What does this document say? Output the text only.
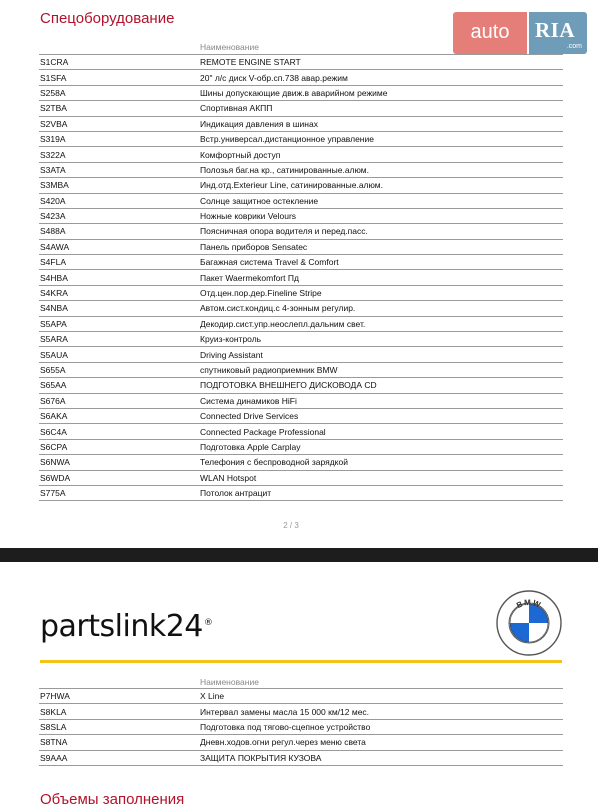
Спецоборудование
Наименование
S1CRA	REMOTE ENGINE START
S1SFA	20" л/с диск V-обр.сп.738 авар.режим
S258A	Шины допускающие движ.в аварийном режиме
S2TBA	Спортивная АКПП
S2VBA	Индикация давления в шинах
S319A	Встр.универсал.дистанционное управление
S322A	Комфортный доступ
S3ATA	Полозья баг.на кр., сатинированные.алюм.
S3MBA	Инд.отд.Exterieur Line, сатинированные.алюм.
S420A	Солнце защитное остекление
S423A	Ножные коврики Velours
S488A	Поясничная опора водителя и перед.пасс.
S4AWA	Панель приборов Sensatec
S4FLA	Багажная система Travel & Comfort
S4HBA	Пакет Waermekomfort Пд
S4KRA	Отд.цен.пор.дер.Fineline Stripe
S4NBA	Автом.сист.кондиц.с 4-зонным регулир.
S5APA	Декодир.сист.упр.неослепл.дальним свет.
S5ARA	Круиз-контроль
S5AUA	Driving Assistant
S655A	спутниковый радиоприемник BMW
S65AA	ПОДГОТОВКА ВНЕШНЕГО ДИСКОВОДА CD
S676A	Система динамиков HiFi
S6AKA	Connected Drive Services
S6C4A	Connected Package Professional
S6CPA	Подготовка Apple Carplay
S6NWA	Телефония с беспроводной зарядкой
S6WDA	WLAN Hotspot
S775A	Потолок антрацит
2 / 3
partslink24®
BMW
Наименование
P7HWA	X Line
S8KLA	Интервал замены масла 15 000 км/12 мес.
S8SLA	Подготовка под тягово-сцепное устройство
S8TNA	Дневн.ходов.огни регул.через меню света
S9AAA	ЗАЩИТА ПОКРЫТИЯ КУЗОВА
Объемы заполнения
auto	RIA
.com
